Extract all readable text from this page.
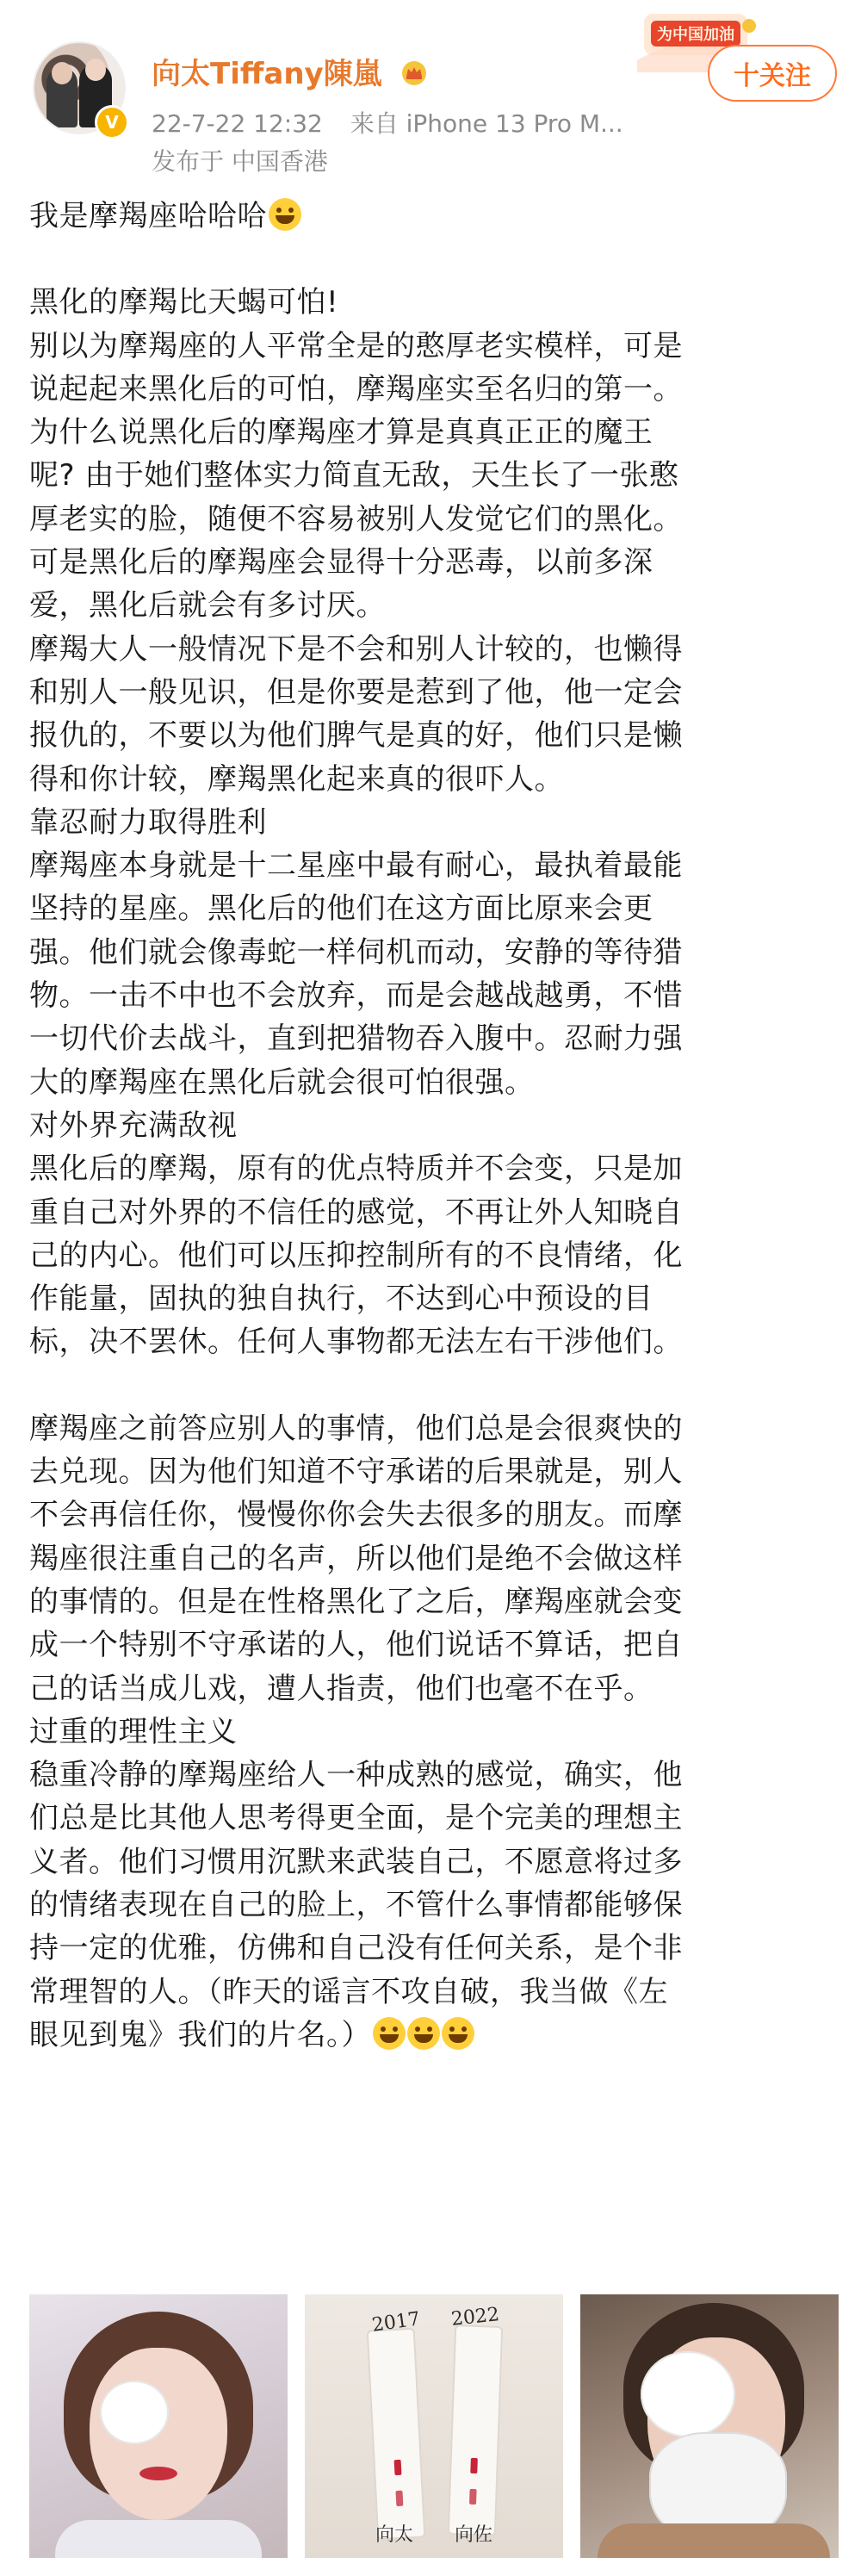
V
向太Tiffany陳嵐
22-7-22 12:32 来自 iPhone 13 Pro M...
发布于 中国香港
为中国加油
十关注

我是摩羯座哈哈哈

黑化的摩羯比天蝎可怕!

别以为摩羯座的人平常全是的憨厚老实模样，可是

说起起来黑化后的可怕，摩羯座实至名归的第一。

为什么说黑化后的摩羯座才算是真真正正的魔王

呢? 由于她们整体实力简直无敌，天生长了一张憨

厚老实的脸，随便不容易被别人发觉它们的黑化。

可是黑化后的摩羯座会显得十分恶毒，以前多深

爱，黑化后就会有多讨厌。

摩羯大人一般情况下是不会和别人计较的，也懒得

和别人一般见识，但是你要是惹到了他，他一定会

报仇的，不要以为他们脾气是真的好，他们只是懒

得和你计较，摩羯黑化起来真的很吓人。

靠忍耐力取得胜利

摩羯座本身就是十二星座中最有耐心，最执着最能

坚持的星座。黑化后的他们在这方面比原来会更

强。他们就会像毒蛇一样伺机而动，安静的等待猎

物。一击不中也不会放弃，而是会越战越勇，不惜

一切代价去战斗，直到把猎物吞入腹中。忍耐力强

大的摩羯座在黑化后就会很可怕很强。

对外界充满敌视

黑化后的摩羯，原有的优点特质并不会变，只是加

重自己对外界的不信任的感觉，不再让外人知晓自

己的内心。他们可以压抑控制所有的不良情绪，化

作能量，固执的独自执行，不达到心中预设的目

标，决不罢休。任何人事物都无法左右干涉他们。

摩羯座之前答应别人的事情，他们总是会很爽快的

去兑现。因为他们知道不守承诺的后果就是，别人

不会再信任你，慢慢你你会失去很多的朋友。而摩

羯座很注重自己的名声，所以他们是绝不会做这样

的事情的。但是在性格黑化了之后，摩羯座就会变

成一个特别不守承诺的人，他们说话不算话，把自

己的话当成儿戏，遭人指责，他们也毫不在乎。

过重的理性主义

稳重冷静的摩羯座给人一种成熟的感觉，确实，他

们总是比其他人思考得更全面，是个完美的理想主

义者。他们习惯用沉默来武装自己，不愿意将过多

的情绪表现在自己的脸上，不管什么事情都能够保

持一定的优雅，仿佛和自己没有任何关系，是个非

常理智的人。（昨天的谣言不攻自破，我当做《左

眼见到鬼》我们的片名。）

2017 2022
向太 向佐
